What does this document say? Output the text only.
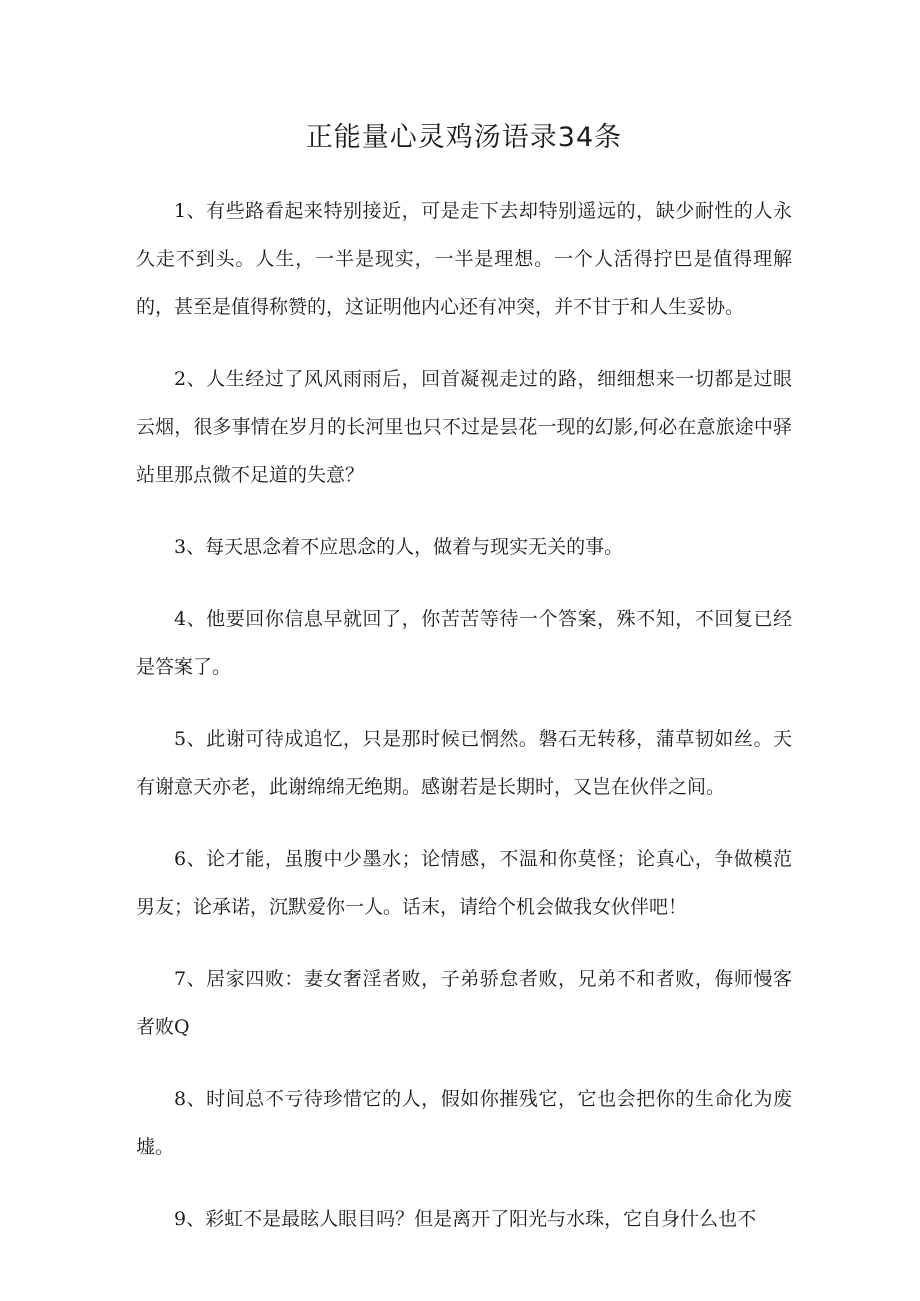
正能量心灵鸡汤语录34条

1、有些路看起来特别接近，可是走下去却特别遥远的，缺少耐性的人永久走不到头。人生，一半是现实，一半是理想。一个人活得拧巴是值得理解的，甚至是值得称赞的，这证明他内心还有冲突，并不甘于和人生妥协。

2、人生经过了风风雨雨后，回首凝视走过的路，细细想来一切都是过眼云烟，很多事情在岁月的长河里也只不过是昙花一现的幻影,何必在意旅途中驿站里那点微不足道的失意？

3、每天思念着不应思念的人，做着与现实无关的事。

4、他要回你信息早就回了，你苦苦等待一个答案，殊不知，不回复已经是答案了。

5、此谢可待成追忆，只是那时候已惘然。磐石无转移，蒲草韧如丝。天有谢意天亦老，此谢绵绵无绝期。感谢若是长期时，又岂在伙伴之间。

6、论才能，虽腹中少墨水；论情感，不温和你莫怪；论真心，争做模范男友；论承诺，沉默爱你一人。话末，请给个机会做我女伙伴吧！

7、居家四败：妻女奢淫者败，子弟骄怠者败，兄弟不和者败，侮师慢客者败Q

8、时间总不亏待珍惜它的人，假如你摧残它，它也会把你的生命化为废墟。

9、彩虹不是最眩人眼目吗？但是离开了阳光与水珠，它自身什么也不
